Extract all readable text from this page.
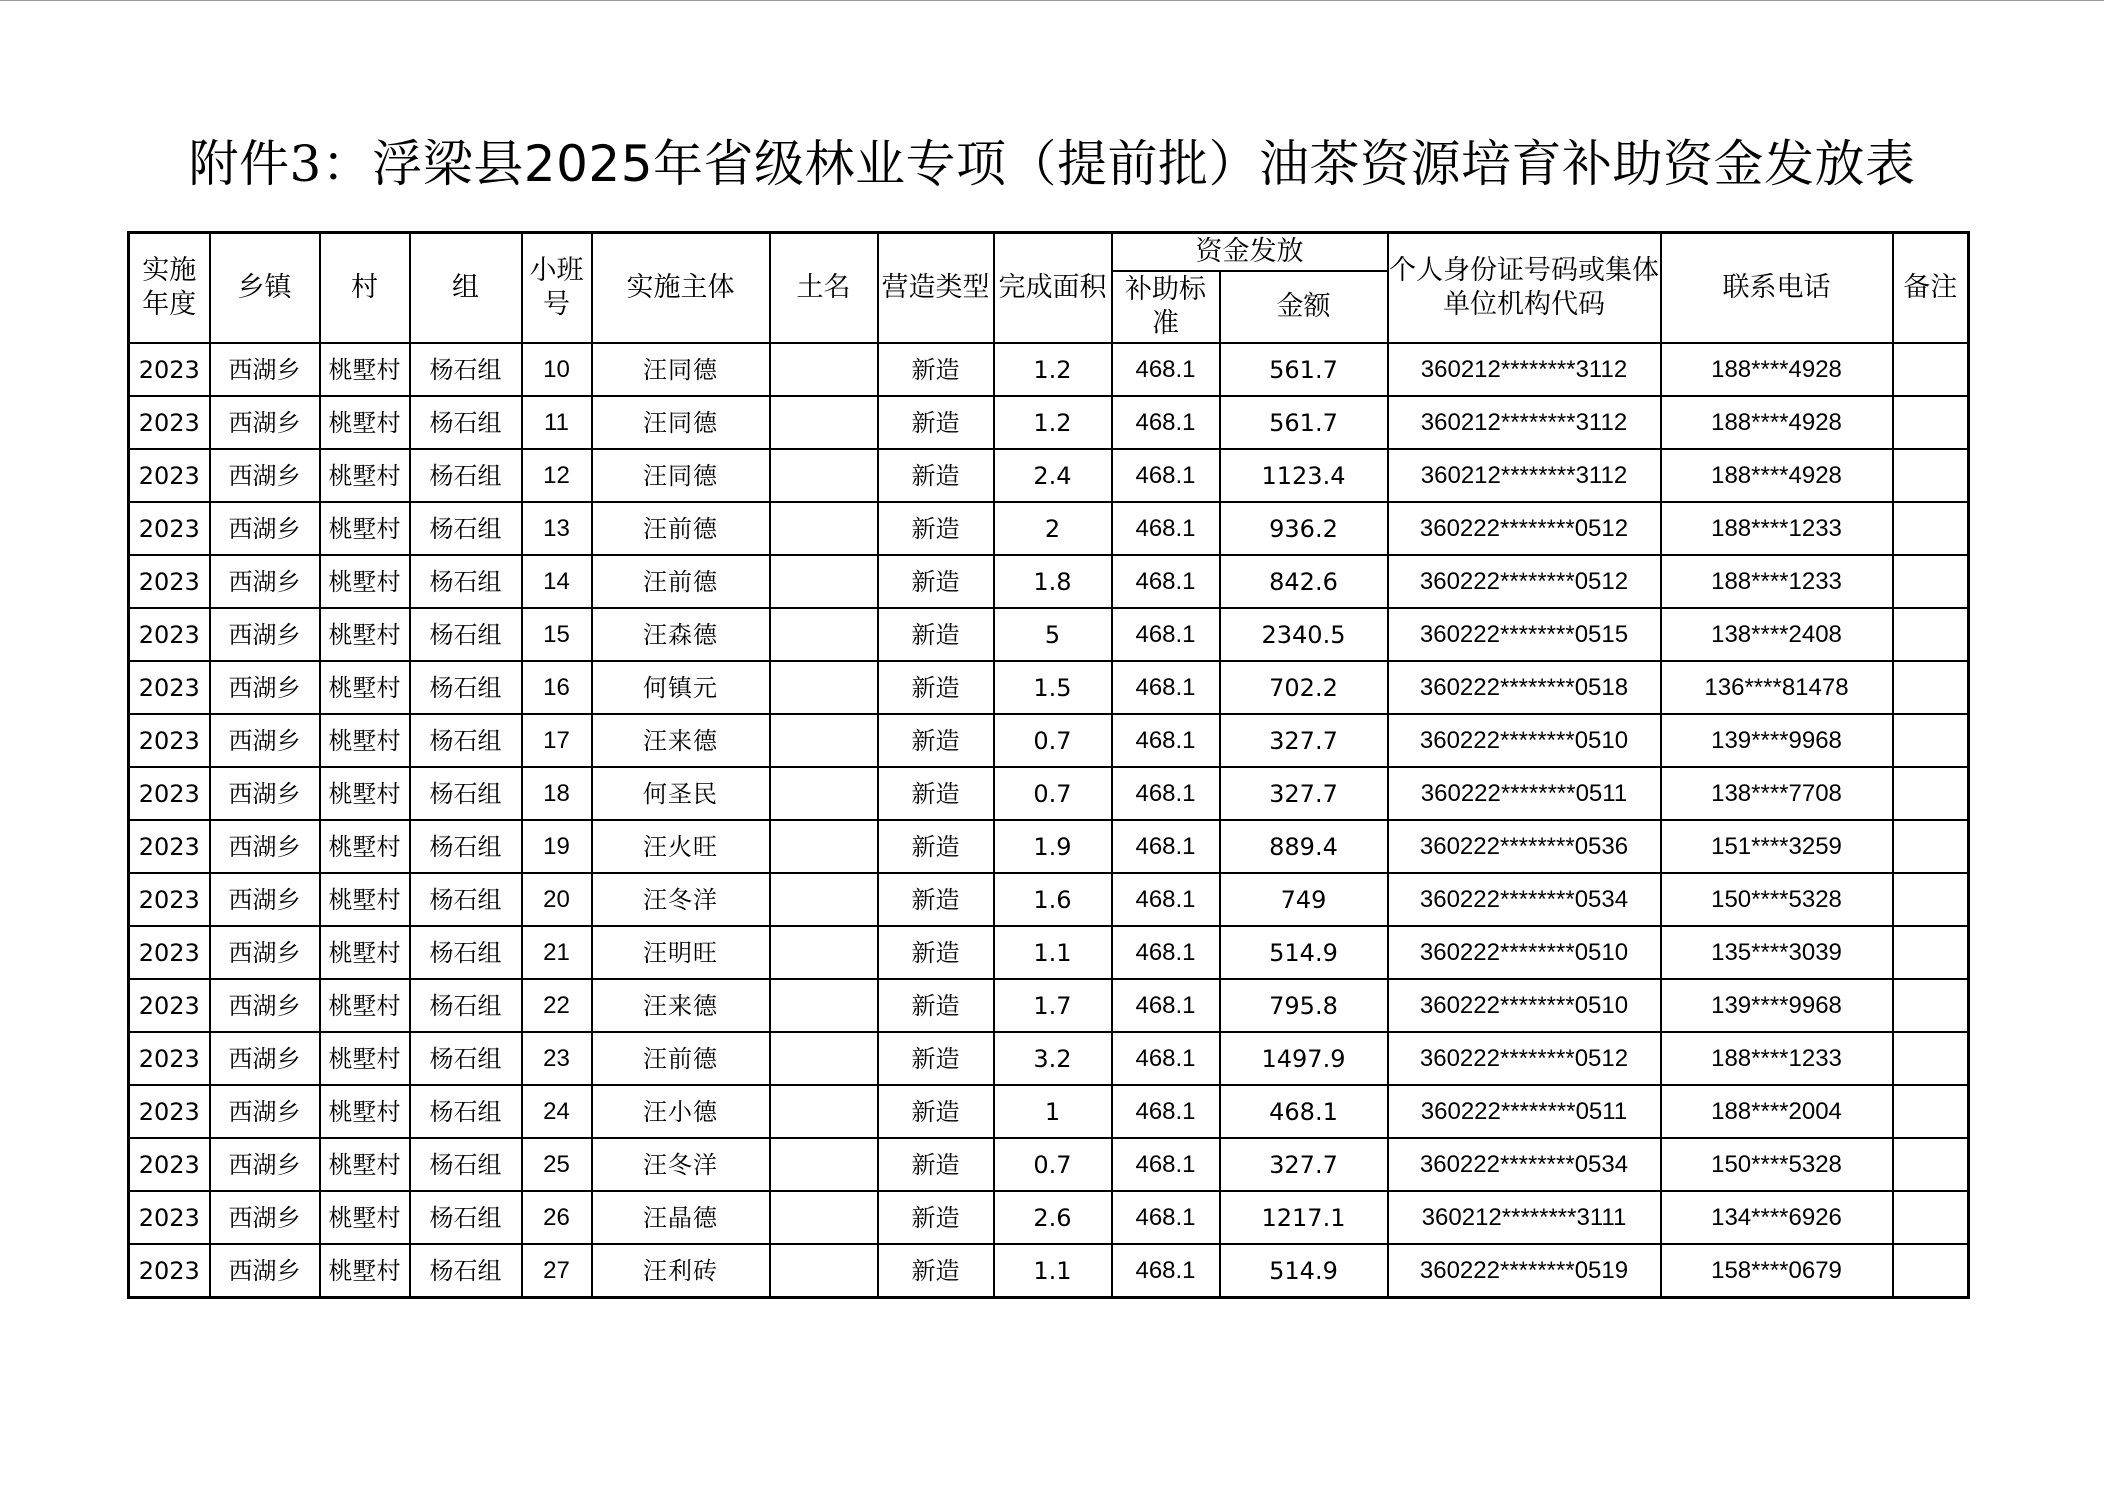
附件3：浮梁县2025年省级林业专项（提前批）油茶资源培育补助资金发放表
实施年度	乡镇	村	组	小班号	实施主体	土名	营造类型	完成面积	资金发放		个人身份证号码或集体单位机构代码	联系电话	备注
									补助标准	金额			
2023	西湖乡	桃墅村	杨石组	10	汪同德		新造	1.2	468.1	561.7	360212********3112	188****4928	
2023	西湖乡	桃墅村	杨石组	11	汪同德		新造	1.2	468.1	561.7	360212********3112	188****4928	
2023	西湖乡	桃墅村	杨石组	12	汪同德		新造	2.4	468.1	1123.4	360212********3112	188****4928	
2023	西湖乡	桃墅村	杨石组	13	汪前德		新造	2	468.1	936.2	360222********0512	188****1233	
2023	西湖乡	桃墅村	杨石组	14	汪前德		新造	1.8	468.1	842.6	360222********0512	188****1233	
2023	西湖乡	桃墅村	杨石组	15	汪森德		新造	5	468.1	2340.5	360222********0515	138****2408	
2023	西湖乡	桃墅村	杨石组	16	何镇元		新造	1.5	468.1	702.2	360222********0518	136****81478	
2023	西湖乡	桃墅村	杨石组	17	汪来德		新造	0.7	468.1	327.7	360222********0510	139****9968	
2023	西湖乡	桃墅村	杨石组	18	何圣民		新造	0.7	468.1	327.7	360222********0511	138****7708	
2023	西湖乡	桃墅村	杨石组	19	汪火旺		新造	1.9	468.1	889.4	360222********0536	151****3259	
2023	西湖乡	桃墅村	杨石组	20	汪冬洋		新造	1.6	468.1	749	360222********0534	150****5328	
2023	西湖乡	桃墅村	杨石组	21	汪明旺		新造	1.1	468.1	514.9	360222********0510	135****3039	
2023	西湖乡	桃墅村	杨石组	22	汪来德		新造	1.7	468.1	795.8	360222********0510	139****9968	
2023	西湖乡	桃墅村	杨石组	23	汪前德		新造	3.2	468.1	1497.9	360222********0512	188****1233	
2023	西湖乡	桃墅村	杨石组	24	汪小德		新造	1	468.1	468.1	360222********0511	188****2004	
2023	西湖乡	桃墅村	杨石组	25	汪冬洋		新造	0.7	468.1	327.7	360222********0534	150****5328	
2023	西湖乡	桃墅村	杨石组	26	汪晶德		新造	2.6	468.1	1217.1	360212********3111	134****6926	
2023	西湖乡	桃墅村	杨石组	27	汪利砖		新造	1.1	468.1	514.9	360222********0519	158****0679	
